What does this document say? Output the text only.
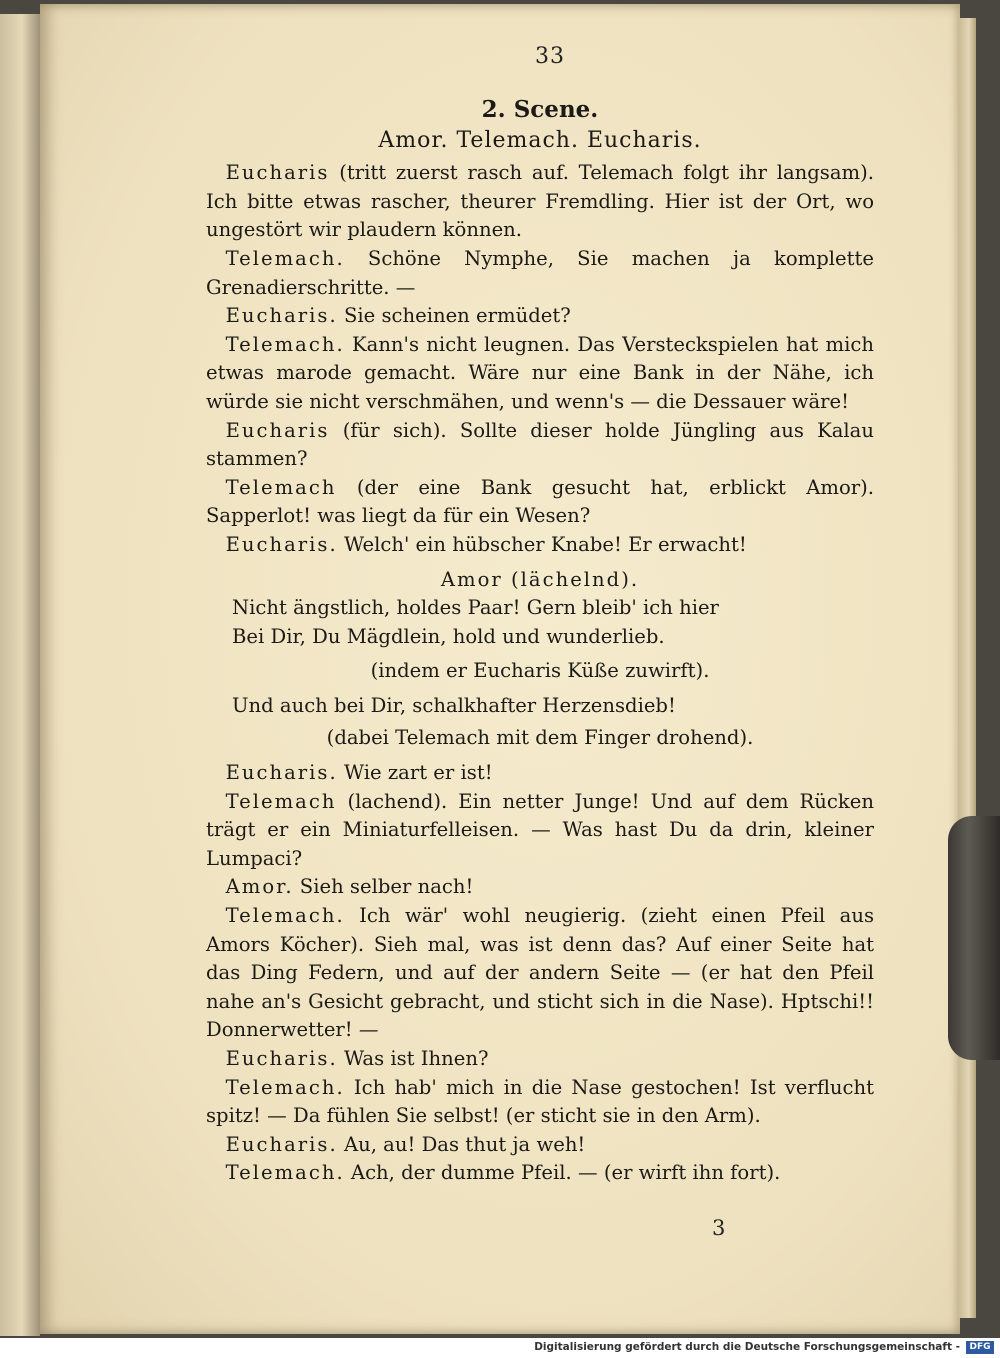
33

2. Scene.

Amor. Telemach. Eucharis.

 Eucharis (tritt zuerst rasch auf. Telemach folgt ihr langsam). Ich bitte etwas rascher, theurer Fremdling. Hier ist der Ort, wo ungestört wir plaudern können.

 Telemach. Schöne Nymphe, Sie machen ja komplette Grenadierschritte. —

 Eucharis. Sie scheinen ermüdet?

 Telemach. Kann's nicht leugnen. Das Versteckspielen hat mich etwas marode gemacht. Wäre nur eine Bank in der Nähe, ich würde sie nicht verschmähen, und wenn's — die Dessauer wäre!

 Eucharis (für sich). Sollte dieser holde Jüngling aus Kalau stammen?

 Telemach (der eine Bank gesucht hat, erblickt Amor). Sapperlot! was liegt da für ein Wesen?

 Eucharis. Welch' ein hübscher Knabe! Er erwacht!

Amor (lächelnd).

Nicht ängstlich, holdes Paar! Gern bleib' ich hier

Bei Dir, Du Mägdlein, hold und wunderlieb.

(indem er Eucharis Küße zuwirft).

Und auch bei Dir, schalkhafter Herzensdieb!

(dabei Telemach mit dem Finger drohend).

 Eucharis. Wie zart er ist!

 Telemach (lachend). Ein netter Junge! Und auf dem Rücken trägt er ein Miniaturfelleisen. — Was hast Du da drin, kleiner Lumpaci?

 Amor. Sieh selber nach!

 Telemach. Ich wär' wohl neugierig. (zieht einen Pfeil aus Amors Köcher). Sieh mal, was ist denn das? Auf einer Seite hat das Ding Federn, und auf der andern Seite — (er hat den Pfeil nahe an's Gesicht gebracht, und sticht sich in die Nase). Hptschi!! Donnerwetter! —

 Eucharis. Was ist Ihnen?

 Telemach. Ich hab' mich in die Nase gestochen! Ist verflucht spitz! — Da fühlen Sie selbst! (er sticht sie in den Arm).

 Eucharis. Au, au! Das thut ja weh!

 Telemach. Ach, der dumme Pfeil. — (er wirft ihn fort).

3
Digitalisierung gefördert durch die Deutsche Forschungsgemeinschaft -	DFG
